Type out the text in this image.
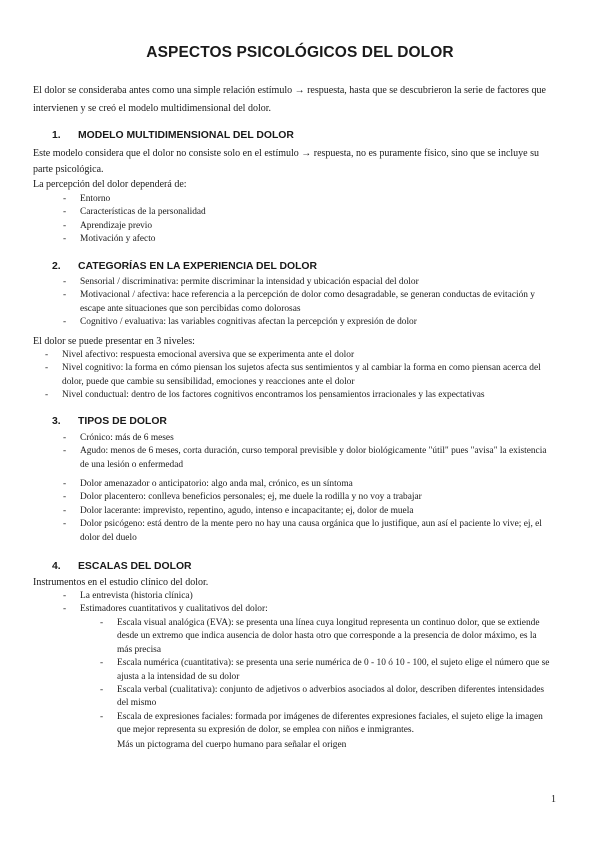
ASPECTOS PSICOLÓGICOS DEL DOLOR

El dolor se consideraba antes como una simple relación estímulo → respuesta, hasta que se descubrieron la serie de factores que intervienen y se creó el modelo multidimensional del dolor.

1. MODELO MULTIDIMENSIONAL DEL DOLOR

Este modelo considera que el dolor no consiste solo en el estímulo → respuesta, no es puramente físico, sino que se incluye su parte psicológica.

La percepción del dolor dependerá de:

- Entorno
- Características de la personalidad
- Aprendizaje previo
- Motivación y afecto
2. CATEGORÍAS EN LA EXPERIENCIA DEL DOLOR
- Sensorial / discriminativa: permite discriminar la intensidad y ubicación espacial del dolor
- Motivacional / afectiva: hace referencia a la percepción de dolor como desagradable, se generan conductas de evitación y escape ante situaciones que son percibidas como dolorosas
- Cognitivo / evaluativa: las variables cognitivas afectan la percepción y expresión de dolor

El dolor se puede presentar en 3 niveles:

- Nivel afectivo: respuesta emocional aversiva que se experimenta ante el dolor
- Nivel cognitivo: la forma en cómo piensan los sujetos afecta sus sentimientos y al cambiar la forma en como piensan acerca del dolor, puede que cambie su sensibilidad, emociones y reacciones ante el dolor
- Nivel conductual: dentro de los factores cognitivos encontramos los pensamientos irracionales y las expectativas
3. TIPOS DE DOLOR
- Crónico: más de 6 meses
- Agudo: menos de 6 meses, corta duración, curso temporal previsible y dolor biológicamente "útil" pues "avisa" la existencia de una lesión o enfermedad
- Dolor amenazador o anticipatorio: algo anda mal, crónico, es un síntoma
- Dolor placentero: conlleva beneficios personales; ej, me duele la rodilla y no voy a trabajar
- Dolor lacerante: imprevisto, repentino, agudo, intenso e incapacitante; ej, dolor de muela
- Dolor psicógeno: está dentro de la mente pero no hay una causa orgánica que lo justifique, aun así el paciente lo vive; ej, el dolor del duelo
4. ESCALAS DEL DOLOR

Instrumentos en el estudio clínico del dolor.

- La entrevista (historia clínica)
- Estimadores cuantitativos y cualitativos del dolor:
- Escala visual analógica (EVA): se presenta una línea cuya longitud representa un continuo dolor, que se extiende desde un extremo que indica ausencia de dolor hasta otro que corresponde a la presencia de dolor máximo, es la más precisa
- Escala numérica (cuantitativa): se presenta una serie numérica de 0 - 10 ó 10 - 100, el sujeto elige el número que se ajusta a la intensidad de su dolor
- Escala verbal (cualitativa): conjunto de adjetivos o adverbios asociados al dolor, describen diferentes intensidades del mismo
- Escala de expresiones faciales: formada por imágenes de diferentes expresiones faciales, el sujeto elige la imagen que mejor representa su expresión de dolor, se emplea con niños e inmigrantes.

Más un pictograma del cuerpo humano para señalar el origen

1
